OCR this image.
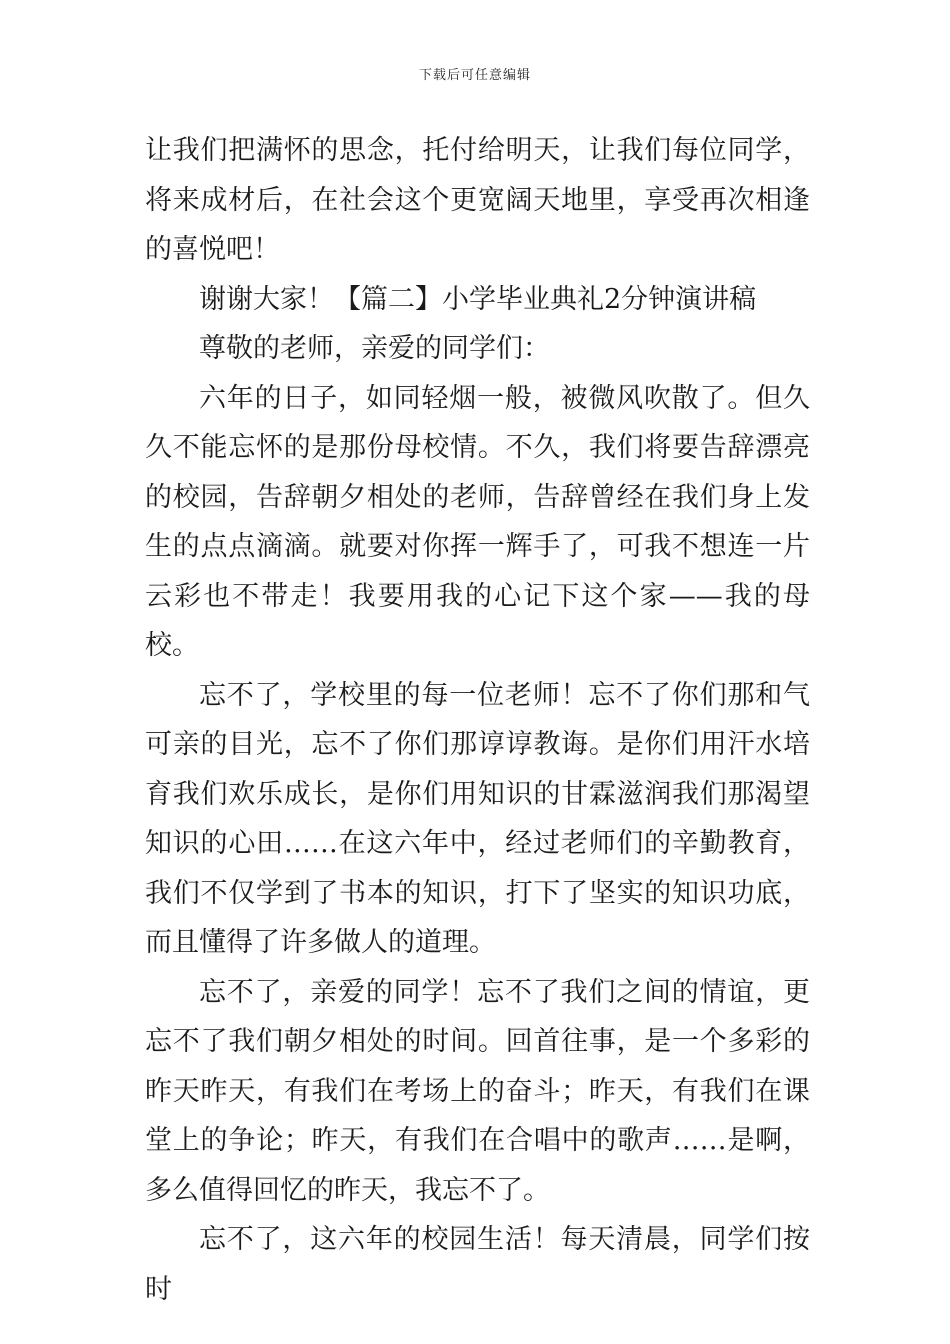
下载后可任意编辑

让我们把满怀的思念，托付给明天，让我们每位同学，将来成材后，在社会这个更宽阔天地里，享受再次相逢的喜悦吧！

谢谢大家！【篇二】小学毕业典礼2分钟演讲稿

尊敬的老师，亲爱的同学们：

六年的日子，如同轻烟一般，被微风吹散了。但久久不能忘怀的是那份母校情。不久，我们将要告辞漂亮的校园，告辞朝夕相处的老师，告辞曾经在我们身上发生的点点滴滴。就要对你挥一辉手了，可我不想连一片云彩也不带走！我要用我的心记下这个家——我的母校。

忘不了，学校里的每一位老师！忘不了你们那和气可亲的目光，忘不了你们那谆谆教诲。是你们用汗水培育我们欢乐成长，是你们用知识的甘霖滋润我们那渴望知识的心田……在这六年中，经过老师们的辛勤教育，我们不仅学到了书本的知识，打下了坚实的知识功底，而且懂得了许多做人的道理。

忘不了，亲爱的同学！忘不了我们之间的情谊，更忘不了我们朝夕相处的时间。回首往事，是一个多彩的昨天昨天，有我们在考场上的奋斗；昨天，有我们在课堂上的争论；昨天，有我们在合唱中的歌声……是啊，多么值得回忆的昨天，我忘不了。

忘不了，这六年的校园生活！每天清晨，同学们按时
